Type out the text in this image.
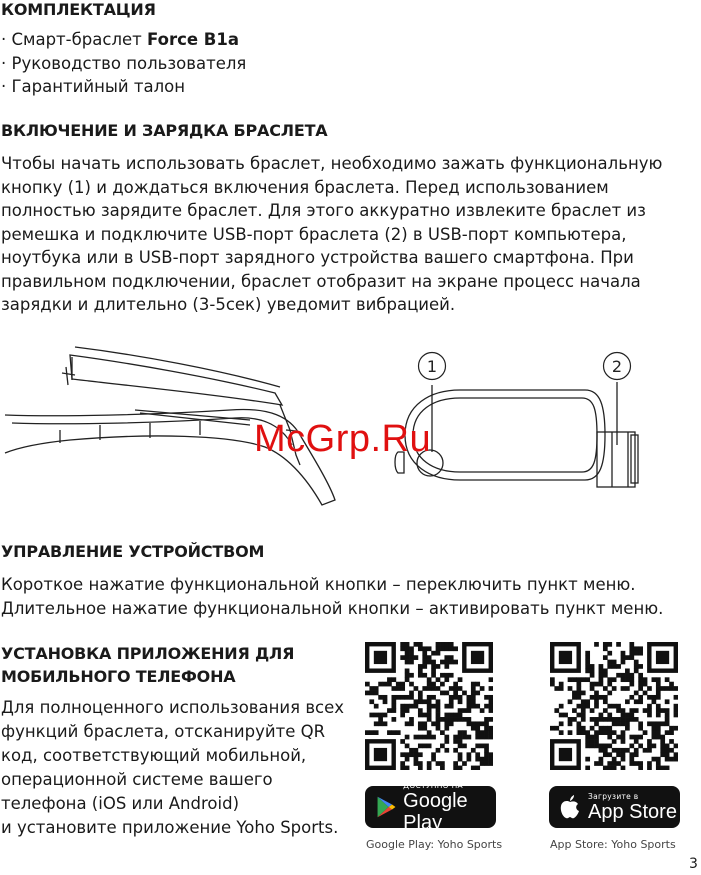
КОМПЛЕКТАЦИЯ

· Смарт-браслет Force B1a

· Руководство пользователя

· Гарантийный талон

ВКЛЮЧЕНИЕ И ЗАРЯДКА БРАСЛЕТА

Чтобы начать использовать браслет, необходимо зажать функциональную

кнопку (1) и дождаться включения браслета. Перед использованием

полностью зарядите браслет. Для этого аккуратно извлеките браслет из

ремешка и подключите USB-порт браслета (2) в USB-порт компьютера,

ноутбука или в USB-порт зарядного устройства вашего смартфона. При

правильном подключении, браслет отобразит на экране процесс начала

зарядки и длительно (3-5сек) уведомит вибрацией.

1	2
McGrp.Ru
УПРАВЛЕНИЕ УСТРОЙСТВОМ

Короткое нажатие функциональной кнопки – переключить пункт меню.

Длительное нажатие функциональной кнопки – активировать пункт меню.

УСТАНОВКА ПРИЛОЖЕНИЯ ДЛЯ

МОБИЛЬНОГО ТЕЛЕФОНА

Для полноценного использования всех

функций браслета, отсканируйте QR

код, соответствующий мобильной,

операционной системе вашего

телефона (iOS или Android)

и установите приложение Yoho Sports.

ДОСТУПНО НА
Google Play
Загрузите в
App Store
Google Play: Yoho Sports	App Store: Yoho Sports
3
